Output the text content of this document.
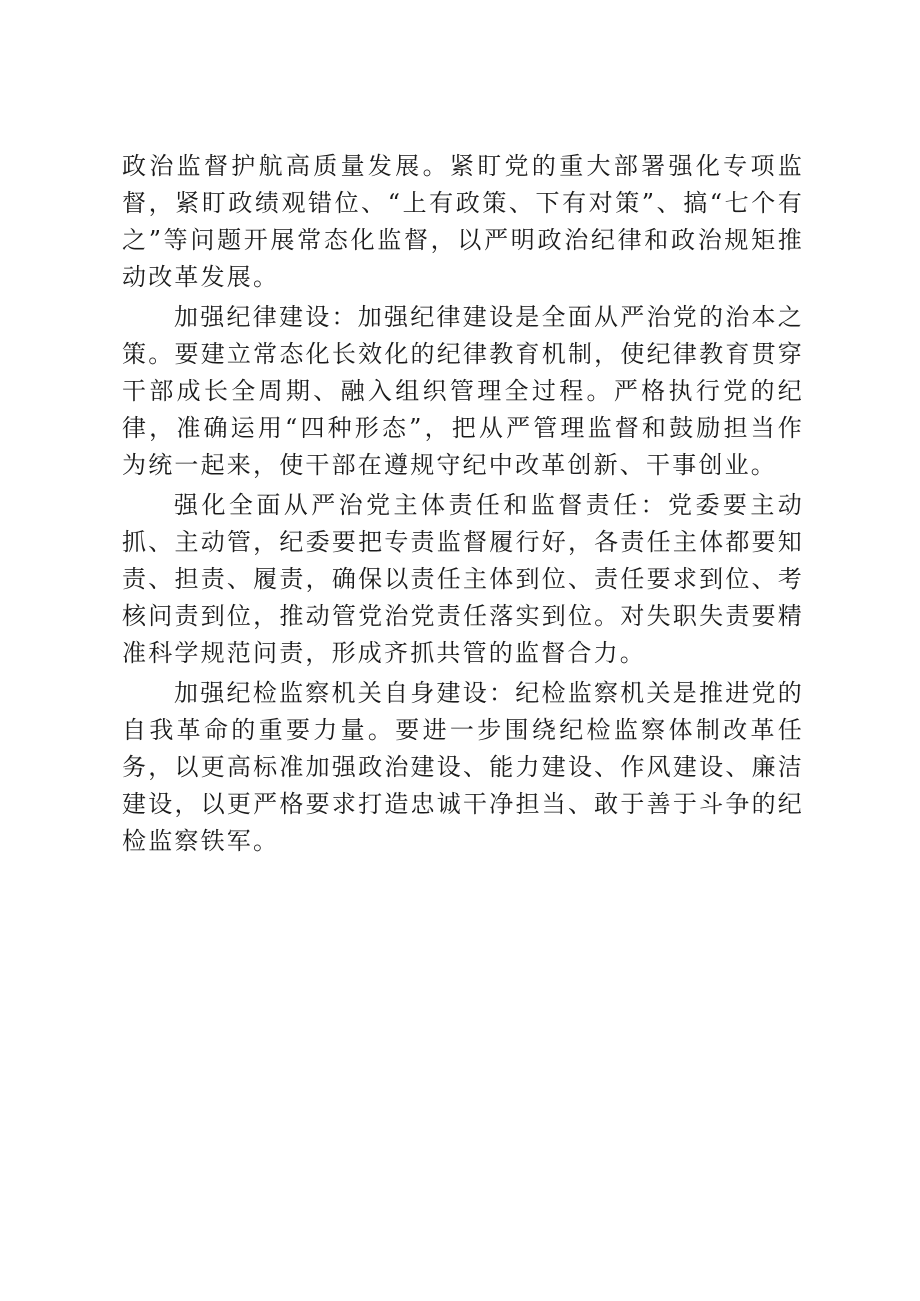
政治监督护航高质量发展。紧盯党的重大部署强化专项监督，紧盯政绩观错位、“上有政策、下有对策”、搞“七个有之”等问题开展常态化监督，以严明政治纪律和政治规矩推动改革发展。

加强纪律建设：加强纪律建设是全面从严治党的治本之策。要建立常态化长效化的纪律教育机制，使纪律教育贯穿干部成长全周期、融入组织管理全过程。严格执行党的纪律，准确运用“四种形态”，把从严管理监督和鼓励担当作为统一起来，使干部在遵规守纪中改革创新、干事创业。

强化全面从严治党主体责任和监督责任：党委要主动抓、主动管，纪委要把专责监督履行好，各责任主体都要知责、担责、履责，确保以责任主体到位、责任要求到位、考核问责到位，推动管党治党责任落实到位。对失职失责要精准科学规范问责，形成齐抓共管的监督合力。

加强纪检监察机关自身建设：纪检监察机关是推进党的自我革命的重要力量。要进一步围绕纪检监察体制改革任务，以更高标准加强政治建设、能力建设、作风建设、廉洁建设，以更严格要求打造忠诚干净担当、敢于善于斗争的纪检监察铁军。
